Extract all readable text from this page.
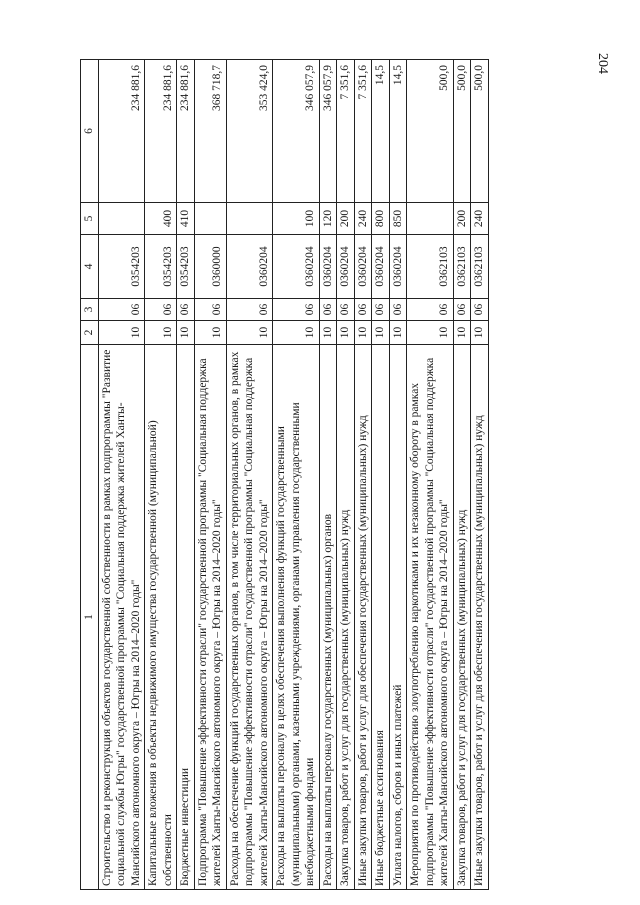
204
1	2	3	4	5	6
Строительство и реконструкция объектов государственной собственности в рамках подпрограммы "Развитие социальной службы Югры" государственной программы "Социальная поддержка жителей Ханты-Мансийского автономного округа – Югры на 2014–2020 годы"	10	06	0354203		234 881,6
Капитальные вложения в объекты недвижимого имущества государственной (муниципальной) собственности	10	06	0354203	400	234 881,6
Бюджетные инвестиции	10	06	0354203	410	234 881,6
Подпрограмма "Повышение эффективности отрасли" государственной программы "Социальная поддержка жителей Ханты-Мансийского автономного округа – Югры на 2014–2020 годы"	10	06	0360000		368 718,7
Расходы на обеспечение функций государственных органов, в том числе территориальных органов, в рамках подпрограммы "Повышение эффективности отрасли" государственной программы "Социальная поддержка жителей Ханты-Мансийского автономного округа – Югры на 2014–2020 годы"	10	06	0360204		353 424,0
Расходы на выплаты персоналу в целях обеспечения выполнения функций государственными (муниципальными) органами, казенными учреждениями, органами управления государственными внебюджетными фондами	10	06	0360204	100	346 057,9
Расходы на выплаты персоналу государственных (муниципальных) органов	10	06	0360204	120	346 057,9
Закупка товаров, работ и услуг для государственных (муниципальных) нужд	10	06	0360204	200	7 351,6
Иные закупки товаров, работ и услуг для обеспечения государственных (муниципальных) нужд	10	06	0360204	240	7 351,6
Иные бюджетные ассигнования	10	06	0360204	800	14,5
Уплата налогов, сборов и иных платежей	10	06	0360204	850	14,5
Мероприятия по противодействию злоупотреблению наркотиками и их незаконному обороту в рамках подпрограммы "Повышение эффективности отрасли" государственной программы "Социальная поддержка жителей Ханты-Мансийского автономного округа – Югры на 2014–2020 годы"	10	06	0362103		500,0
Закупка товаров, работ и услуг для государственных (муниципальных) нужд	10	06	0362103	200	500,0
Иные закупки товаров, работ и услуг для обеспечения государственных (муниципальных) нужд	10	06	0362103	240	500,0
